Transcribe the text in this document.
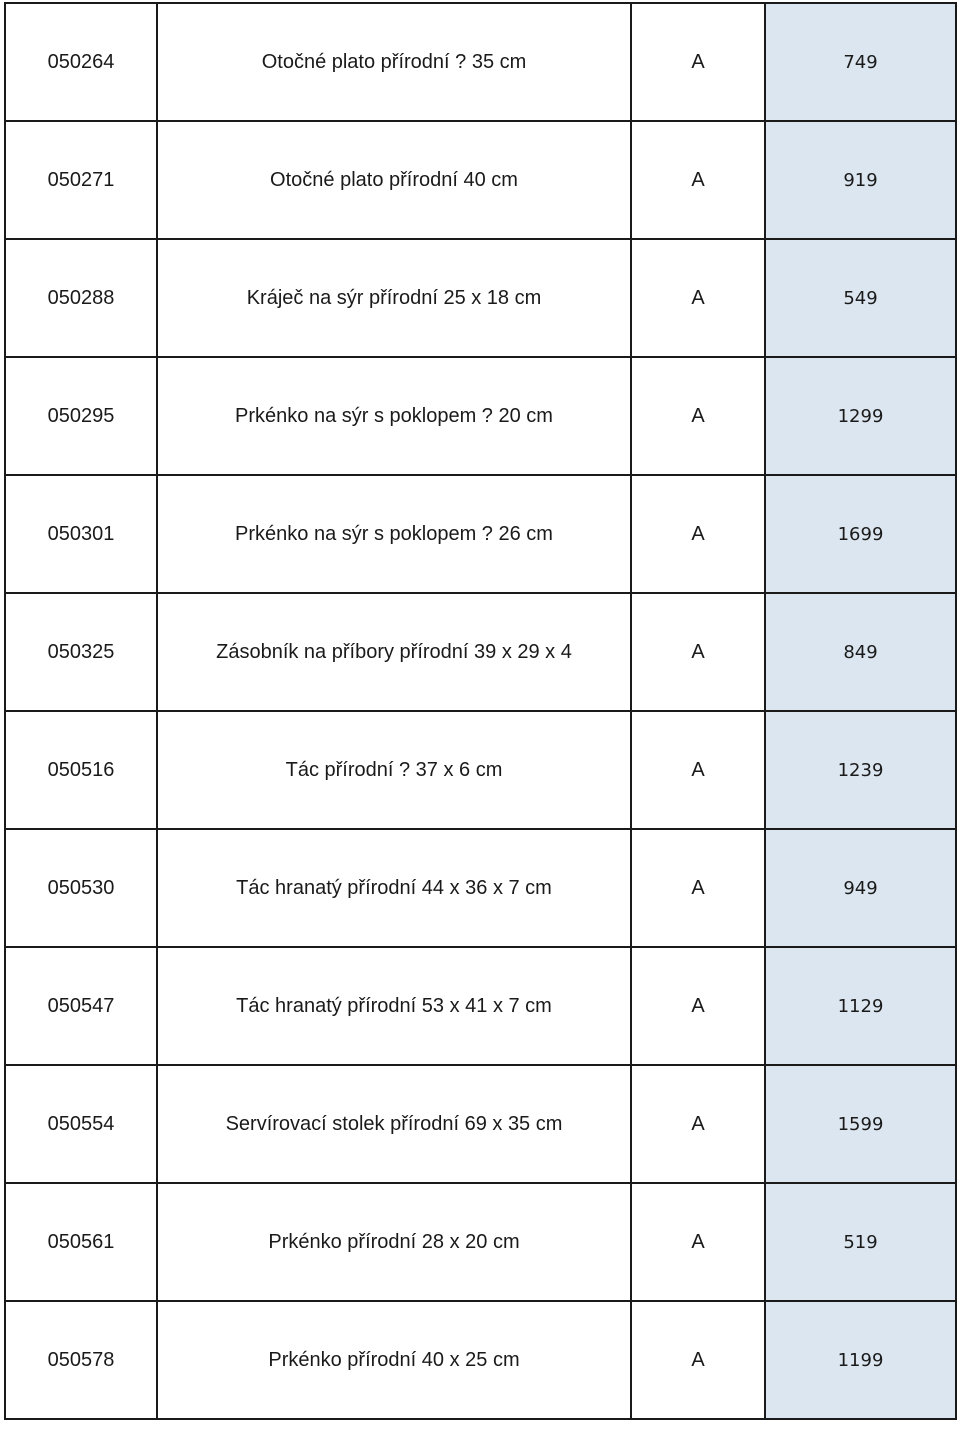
050264	Otočné plato přírodní ? 35 cm	A	749
050271	Otočné plato přírodní 40 cm	A	919
050288	Kráječ na sýr přírodní 25 x 18 cm	A	549
050295	Prkénko na sýr s poklopem ? 20 cm	A	1299
050301	Prkénko na sýr s poklopem ? 26 cm	A	1699
050325	Zásobník na příbory přírodní 39 x 29 x 4	A	849
050516	Tác přírodní ? 37 x 6 cm	A	1239
050530	Tác hranatý přírodní 44 x 36 x 7 cm	A	949
050547	Tác hranatý přírodní 53 x 41 x 7 cm	A	1129
050554	Servírovací stolek přírodní 69 x 35 cm	A	1599
050561	Prkénko přírodní 28 x 20 cm	A	519
050578	Prkénko přírodní 40 x 25 cm	A	1199
